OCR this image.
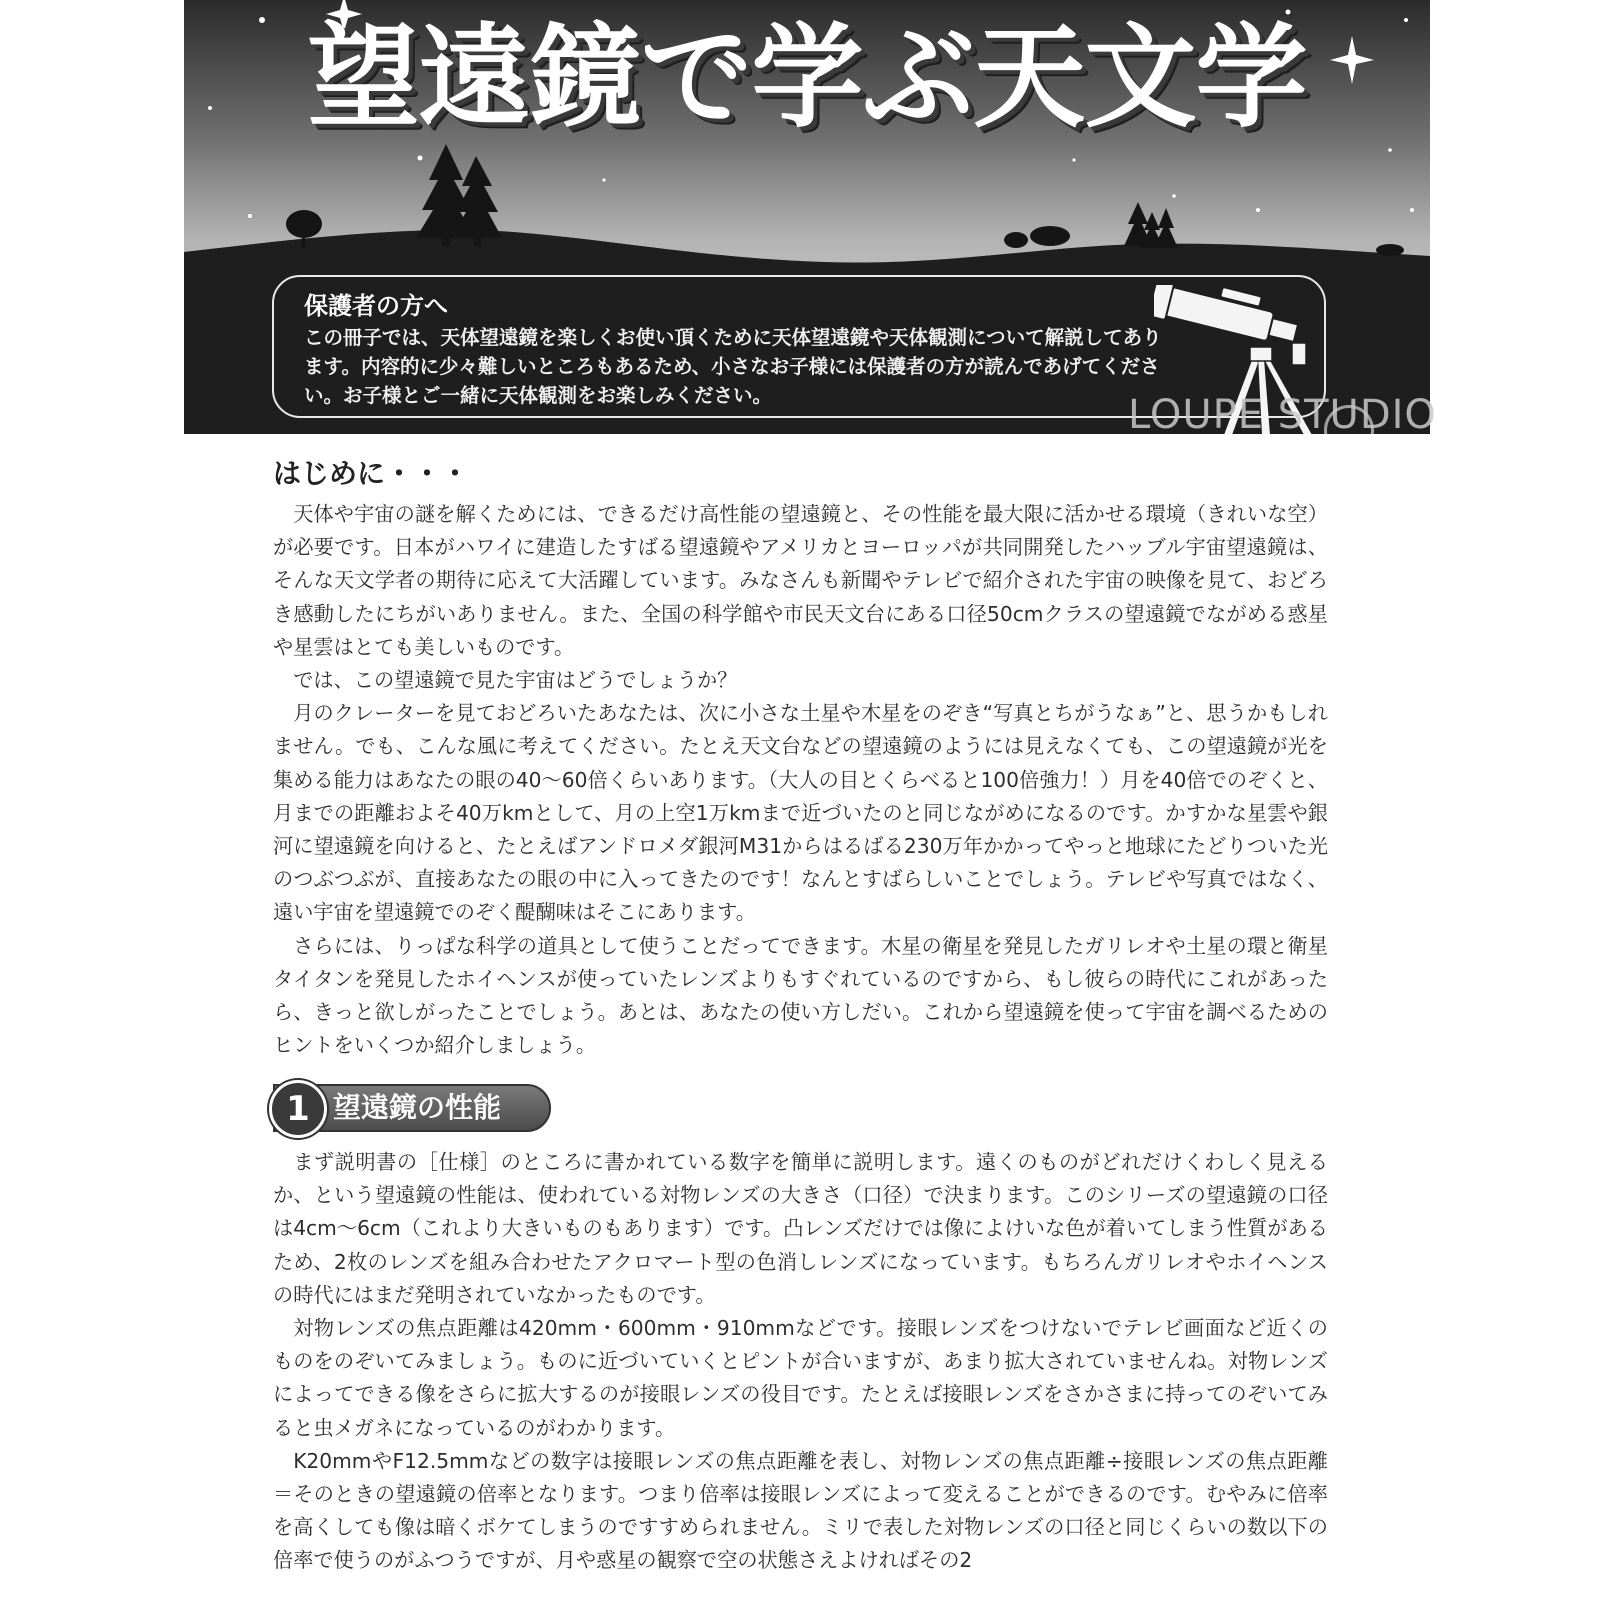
望遠鏡で学ぶ天文学
保護者の方へ

この冊子では、天体望遠鏡を楽しくお使い頂くために天体望遠鏡や天体観測について解説してあります。内容的に少々難しいところもあるため、小さなお子様には保護者の方が読んであげてください。お子様とご一緒に天体観測をお楽しみください。	LOUPE STUDIO
はじめに・・・

天体や宇宙の謎を解くためには、できるだけ高性能の望遠鏡と、その性能を最大限に活かせる環境（きれいな空）が必要です。日本がハワイに建造したすばる望遠鏡やアメリカとヨーロッパが共同開発したハッブル宇宙望遠鏡は、そんな天文学者の期待に応えて大活躍しています。みなさんも新聞やテレビで紹介された宇宙の映像を見て、おどろき感動したにちがいありません。また、全国の科学館や市民天文台にある口径50cmクラスの望遠鏡でながめる惑星や星雲はとても美しいものです。

では、この望遠鏡で見た宇宙はどうでしょうか？

月のクレーターを見ておどろいたあなたは、次に小さな土星や木星をのぞき“写真とちがうなぁ”と、思うかもしれません。でも、こんな風に考えてください。たとえ天文台などの望遠鏡のようには見えなくても、この望遠鏡が光を集める能力はあなたの眼の40〜60倍くらいあります。（大人の目とくらべると100倍強力！）月を40倍でのぞくと、月までの距離およそ40万kmとして、月の上空1万kmまで近づいたのと同じながめになるのです。かすかな星雲や銀河に望遠鏡を向けると、たとえばアンドロメダ銀河M31からはるばる230万年かかってやっと地球にたどりついた光のつぶつぶが、直接あなたの眼の中に入ってきたのです！なんとすばらしいことでしょう。テレビや写真ではなく、遠い宇宙を望遠鏡でのぞく醍醐味はそこにあります。

さらには、りっぱな科学の道具として使うことだってできます。木星の衛星を発見したガリレオや土星の環と衛星タイタンを発見したホイヘンスが使っていたレンズよりもすぐれているのですから、もし彼らの時代にこれがあったら、きっと欲しがったことでしょう。あとは、あなたの使い方しだい。これから望遠鏡を使って宇宙を調べるためのヒントをいくつか紹介しましょう。

1 望遠鏡の性能

まず説明書の［仕様］のところに書かれている数字を簡単に説明します。遠くのものがどれだけくわしく見えるか、という望遠鏡の性能は、使われている対物レンズの大きさ（口径）で決まります。このシリーズの望遠鏡の口径は4cm〜6cm（これより大きいものもあります）です。凸レンズだけでは像によけいな色が着いてしまう性質があるため、2枚のレンズを組み合わせたアクロマート型の色消しレンズになっています。もちろんガリレオやホイヘンスの時代にはまだ発明されていなかったものです。

対物レンズの焦点距離は420mm・600mm・910mmなどです。接眼レンズをつけないでテレビ画面など近くのものをのぞいてみましょう。ものに近づいていくとピントが合いますが、あまり拡大されていませんね。対物レンズによってできる像をさらに拡大するのが接眼レンズの役目です。たとえば接眼レンズをさかさまに持ってのぞいてみると虫メガネになっているのがわかります。

K20mmやF12.5mmなどの数字は接眼レンズの焦点距離を表し、対物レンズの焦点距離÷接眼レンズの焦点距離＝そのときの望遠鏡の倍率となります。つまり倍率は接眼レンズによって変えることができるのです。むやみに倍率を高くしても像は暗くボケてしまうのですすめられません。ミリで表した対物レンズの口径と同じくらいの数以下の倍率で使うのがふつうですが、月や惑星の観察で空の状態さえよければその2
